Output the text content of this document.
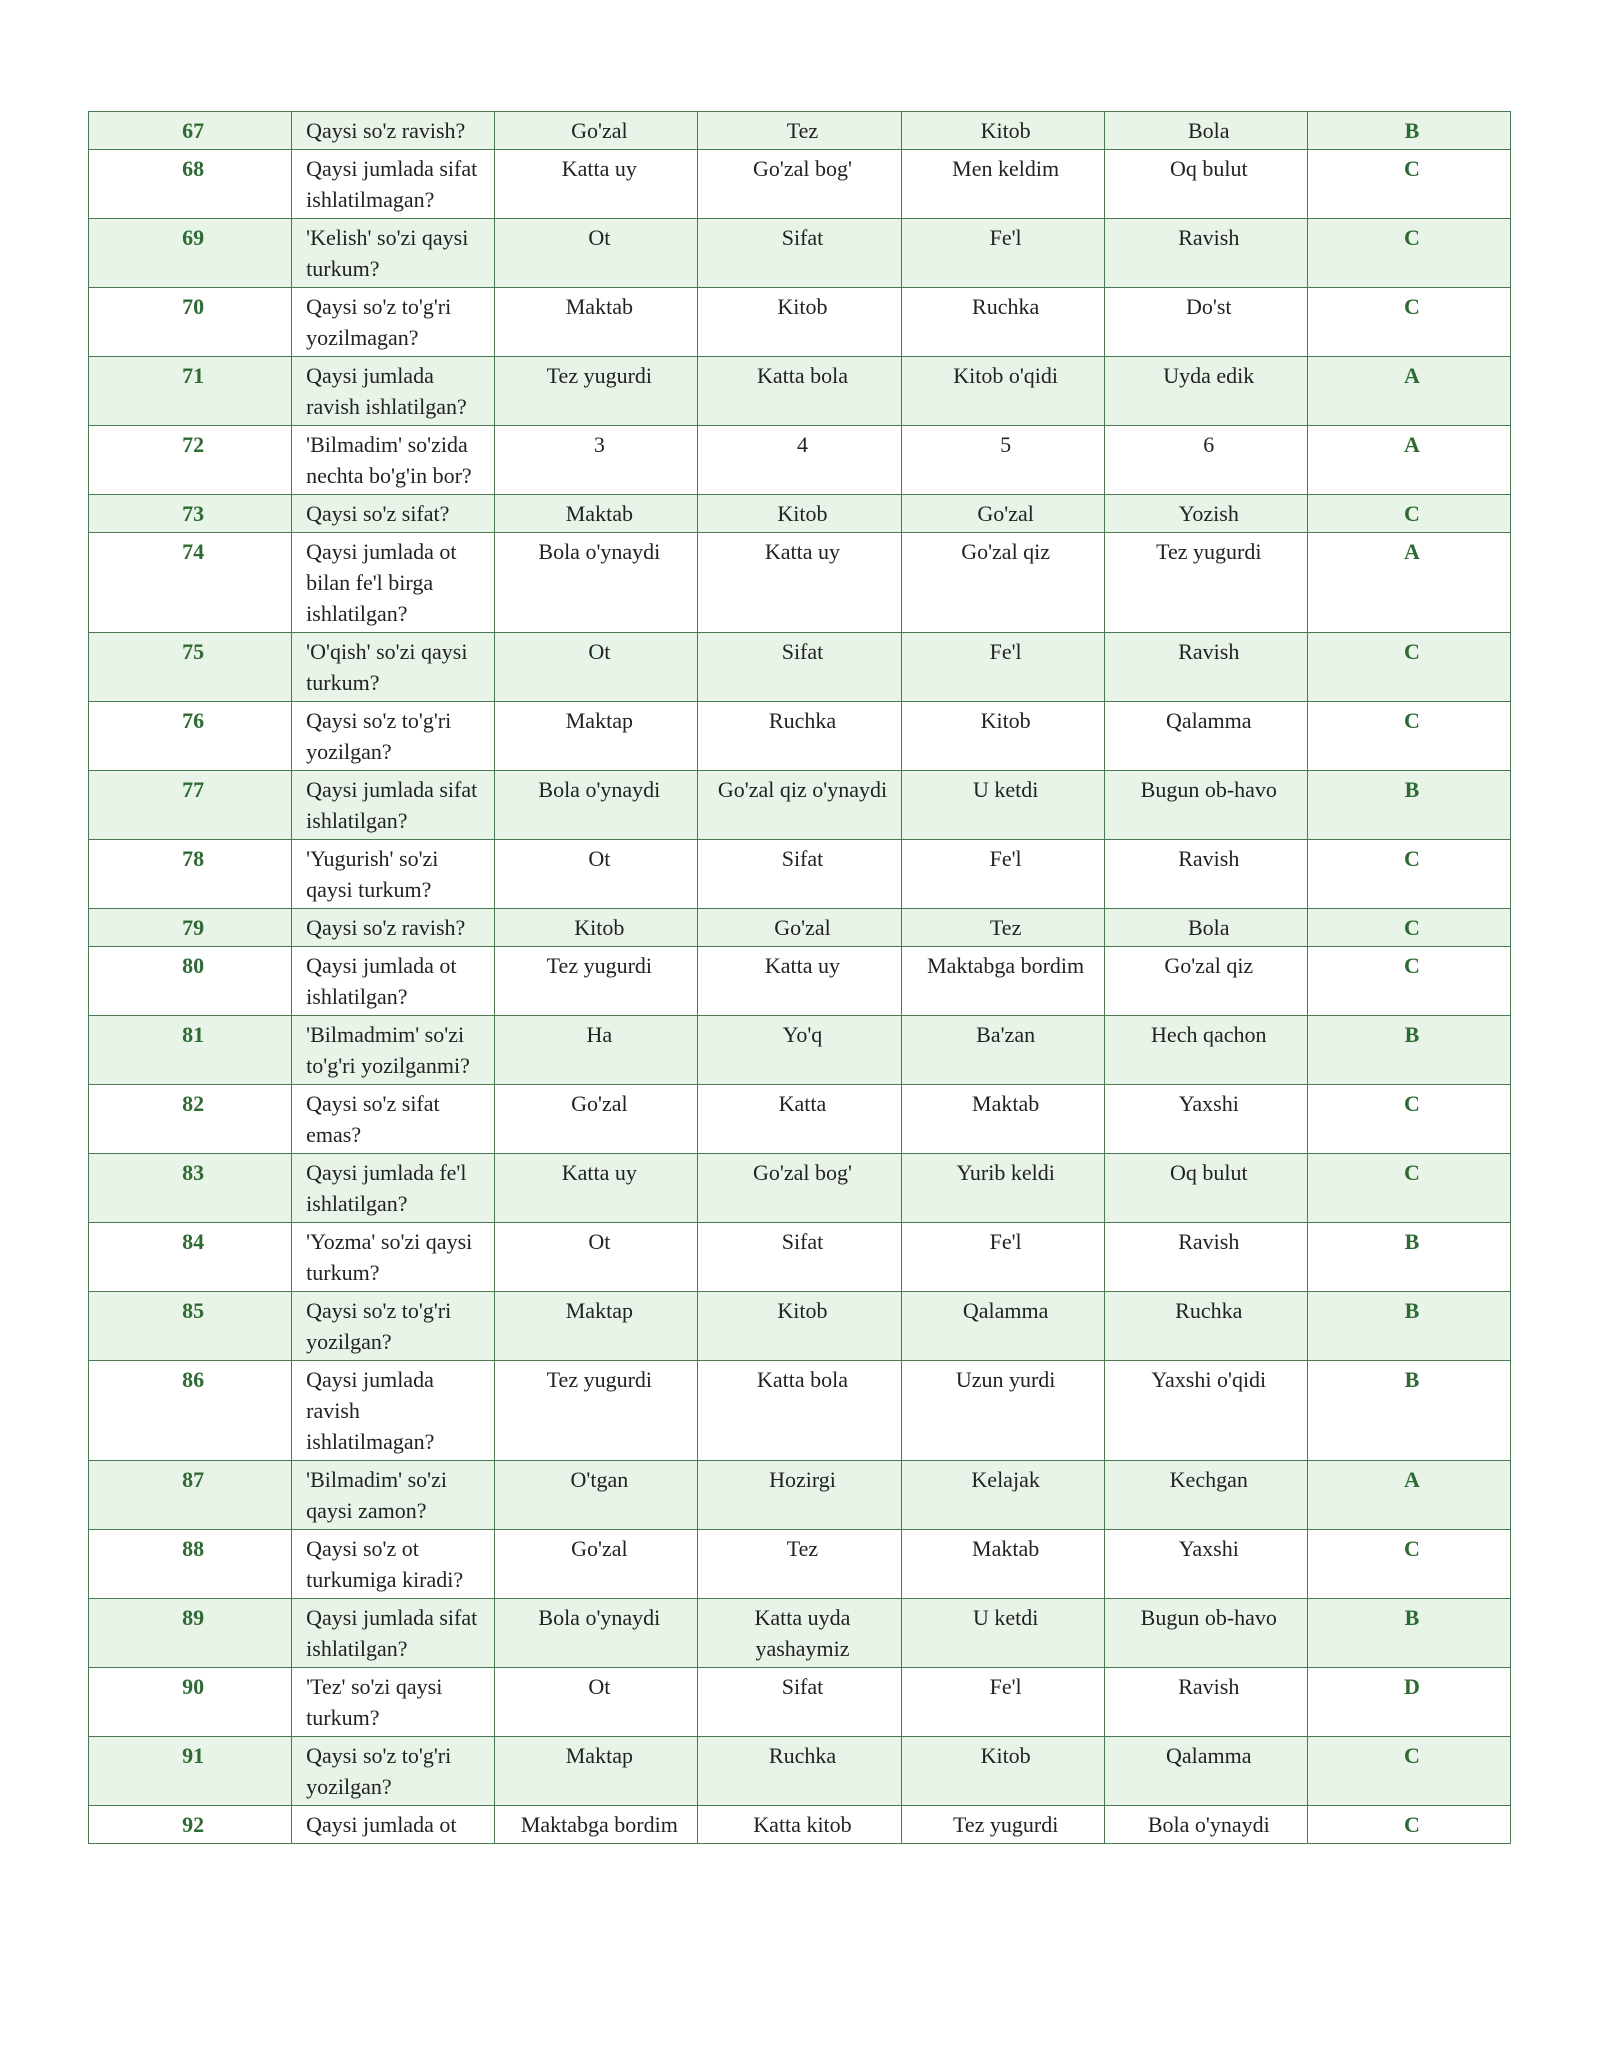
67	Qaysi so'z ravish?	Go'zal	Tez	Kitob	Bola	B
68	Qaysi jumlada sifat ishlatilmagan?	Katta uy	Go'zal bog'	Men keldim	Oq bulut	C
69	'Kelish' so'zi qaysi turkum?	Ot	Sifat	Fe'l	Ravish	C
70	Qaysi so'z to'g'ri yozilmagan?	Maktab	Kitob	Ruchka	Do'st	C
71	Qaysi jumlada ravish ishlatilgan?	Tez yugurdi	Katta bola	Kitob o'qidi	Uyda edik	A
72	'Bilmadim' so'zida nechta bo'g'in bor?	3	4	5	6	A
73	Qaysi so'z sifat?	Maktab	Kitob	Go'zal	Yozish	C
74	Qaysi jumlada ot bilan fe'l birga ishlatilgan?	Bola o'ynaydi	Katta uy	Go'zal qiz	Tez yugurdi	A
75	'O'qish' so'zi qaysi turkum?	Ot	Sifat	Fe'l	Ravish	C
76	Qaysi so'z to'g'ri yozilgan?	Maktap	Ruchka	Kitob	Qalamma	C
77	Qaysi jumlada sifat ishlatilgan?	Bola o'ynaydi	Go'zal qiz o'ynaydi	U ketdi	Bugun ob-havo	B
78	'Yugurish' so'zi qaysi turkum?	Ot	Sifat	Fe'l	Ravish	C
79	Qaysi so'z ravish?	Kitob	Go'zal	Tez	Bola	C
80	Qaysi jumlada ot ishlatilgan?	Tez yugurdi	Katta uy	Maktabga bordim	Go'zal qiz	C
81	'Bilmadmim' so'zi to'g'ri yozilganmi?	Ha	Yo'q	Ba'zan	Hech qachon	B
82	Qaysi so'z sifat emas?	Go'zal	Katta	Maktab	Yaxshi	C
83	Qaysi jumlada fe'l ishlatilgan?	Katta uy	Go'zal bog'	Yurib keldi	Oq bulut	C
84	'Yozma' so'zi qaysi turkum?	Ot	Sifat	Fe'l	Ravish	B
85	Qaysi so'z to'g'ri yozilgan?	Maktap	Kitob	Qalamma	Ruchka	B
86	Qaysi jumlada ravish ishlatilmagan?	Tez yugurdi	Katta bola	Uzun yurdi	Yaxshi o'qidi	B
87	'Bilmadim' so'zi qaysi zamon?	O'tgan	Hozirgi	Kelajak	Kechgan	A
88	Qaysi so'z ot turkumiga kiradi?	Go'zal	Tez	Maktab	Yaxshi	C
89	Qaysi jumlada sifat ishlatilgan?	Bola o'ynaydi	Katta uyda yashaymiz	U ketdi	Bugun ob-havo	B
90	'Tez' so'zi qaysi turkum?	Ot	Sifat	Fe'l	Ravish	D
91	Qaysi so'z to'g'ri yozilgan?	Maktap	Ruchka	Kitob	Qalamma	C
92	Qaysi jumlada ot	Maktabga bordim	Katta kitob	Tez yugurdi	Bola o'ynaydi	C
